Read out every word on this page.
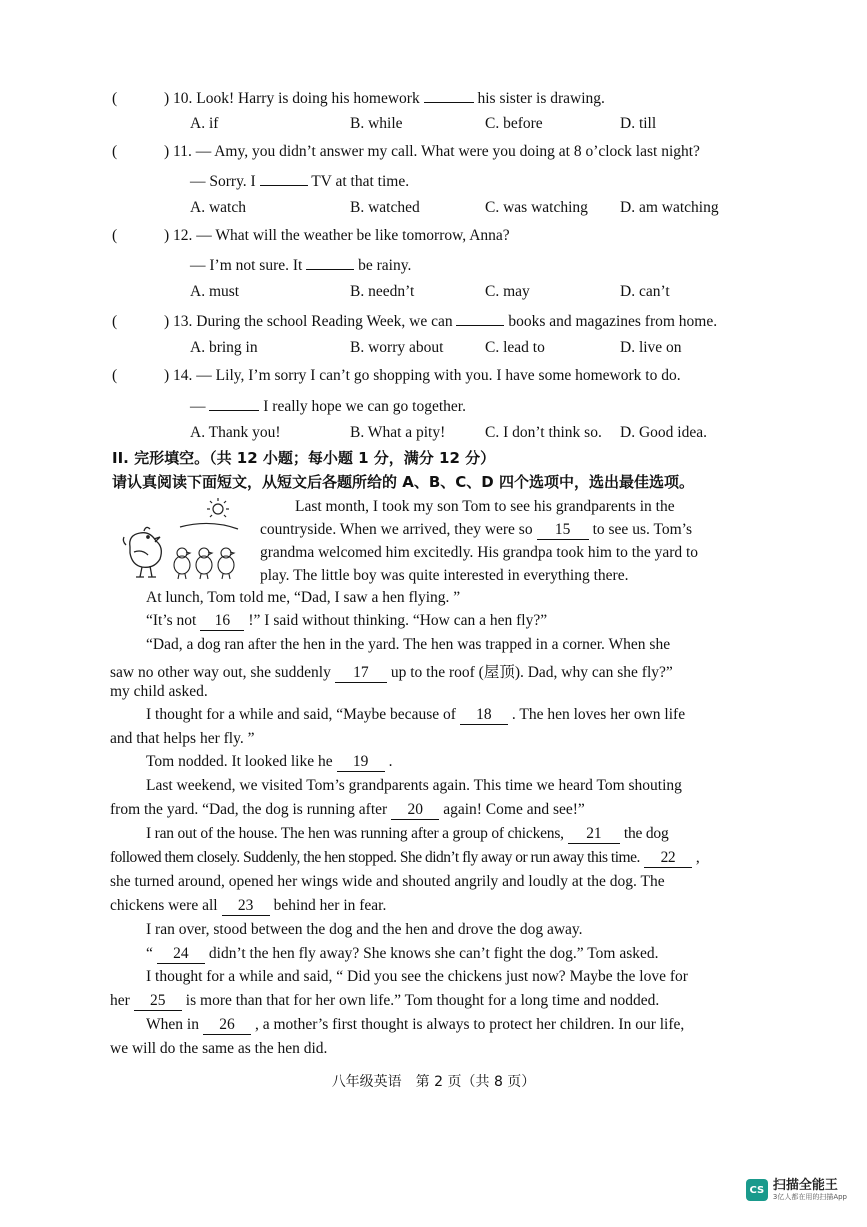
(	) 10. Look! Harry is doing his homework	his sister is drawing.
A. if	B. while	C. before	D. till
(	) 11. — Amy, you didn’t answer my call. What were you doing at 8 o’clock last night?
— Sorry. I	TV at that time.
A. watch	B. watched	C. was watching D. am watching
(	) 12. — What will the weather be like tomorrow, Anna?
— I’m not sure. It	be rainy.
A. must	B. needn’t	C. may	D. can’t
(	) 13. During the school Reading Week, we can	books and magazines from home.
A. bring in	B. worry about	C. lead to	D. live on
(	) 14. — Lily, I’m sorry I can’t go shopping with you. I have some homework to do.
—	I really hope we can go together.
A. Thank you!	B. What a pity!	C. I don’t think so. D. Good idea.
II. 完形填空。（共 12 小题；每小题 1 分，满分 12 分）
请认真阅读下面短文，从短文后各题所给的 A、B、C、D 四个选项中，选出最佳选项。
Last month, I took my son Tom to see his grandparents in the
countryside. When we arrived, they were so 15 to see us. Tom’s
grandma welcomed him excitedly. His grandpa took him to the yard to
play. The little boy was quite interested in everything there.
At lunch, Tom told me, “Dad, I saw a hen flying. ”
“It’s not 16 !” I said without thinking. “How can a hen fly?”
“Dad, a dog ran after the hen in the yard. The hen was trapped in a corner. When she
saw no other way out, she suddenly 17 up to the roof (屋顶). Dad, why can she fly?”
my child asked.
I thought for a while and said, “Maybe because of 18 . The hen loves her own life
and that helps her fly. ”
Tom nodded. It looked like he 19 .
Last weekend, we visited Tom’s grandparents again. This time we heard Tom shouting
from the yard. “Dad, the dog is running after 20 again! Come and see!”
I ran out of the house. The hen was running after a group of chickens, 21 the dog
followed them closely. Suddenly, the hen stopped. She didn’t fly away or run away this time. 22 ,
she turned around, opened her wings wide and shouted angrily and loudly at the dog. The
chickens were all 23 behind her in fear.
I ran over, stood between the dog and the hen and drove the dog away.
“ 24 didn’t the hen fly away? She knows she can’t fight the dog.” Tom asked.
I thought for a while and said, “ Did you see the chickens just now? Maybe the love for
her 25 is more than that for her own life.” Tom thought for a long time and nodded.
When in 26 , a mother’s first thought is always to protect her children. In our life,
we will do the same as the hen did.
八年级英语　第 2 页（共 8 页）
CS 扫描全能王
3亿人都在用的扫描App
